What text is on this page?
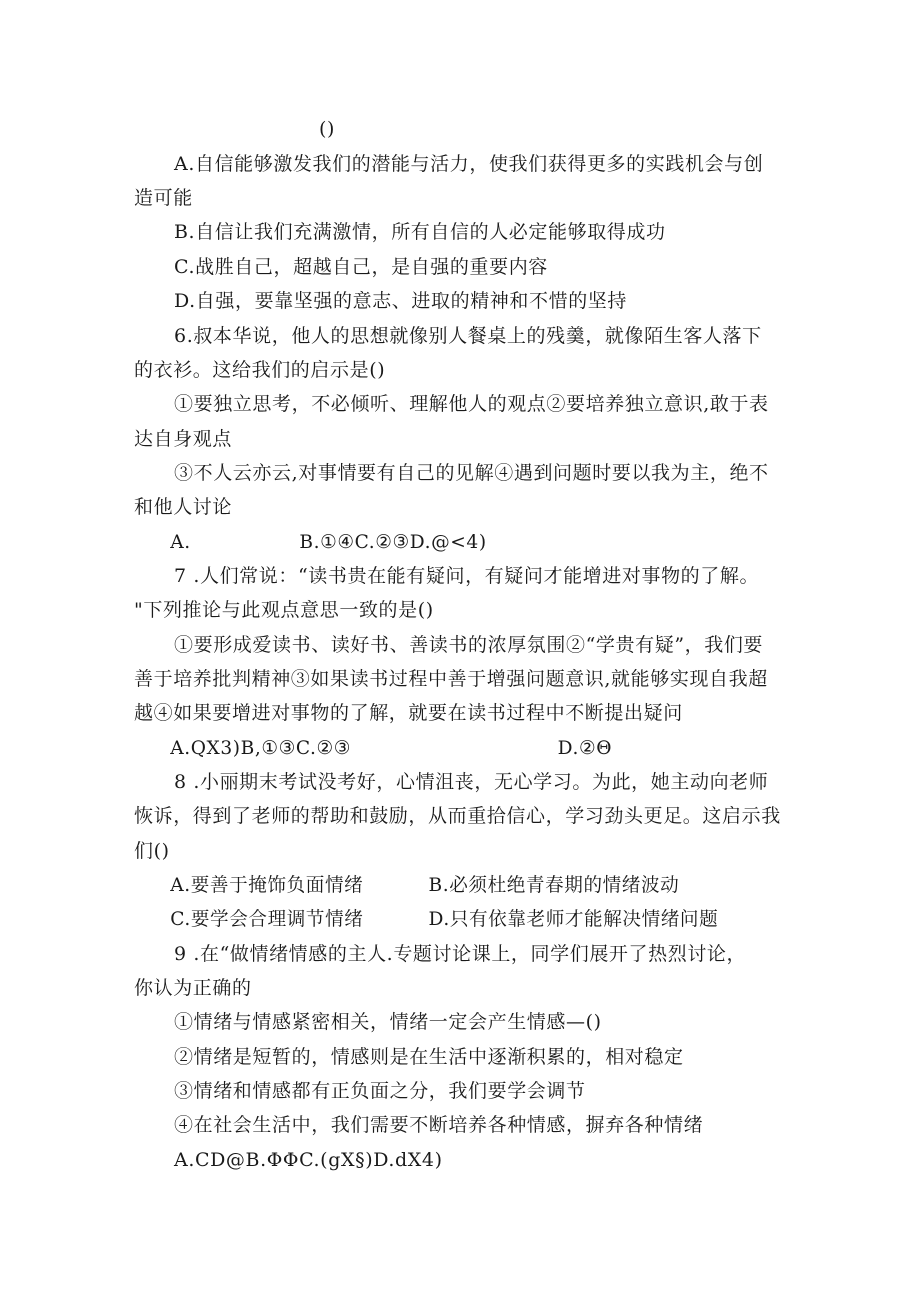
()
A.自信能够激发我们的潜能与活力，使我们获得更多的实践机会与创
造可能
B.自信让我们充满激情，所有自信的人必定能够取得成功
C.战胜自己，超越自己，是自强的重要内容
D.自强，要靠坚强的意志、进取的精神和不惜的坚持
6.叔本华说，他人的思想就像别人餐桌上的残羹，就像陌生客人落下
的衣衫。这给我们的启示是()
①要独立思考，不必倾听、理解他人的观点②要培养独立意识,敢于表
达自身观点
③不人云亦云,对事情要有自己的见解④遇到问题时要以我为主，绝不
和他人讨论
A.	B.①④C.②③D.@<4)
7 .人们常说：“读书贵在能有疑问，有疑问才能增进对事物的了解。
"下列推论与此观点意思一致的是()
①要形成爱读书、读好书、善读书的浓厚氛围②“学贵有疑”，我们要
善于培养批判精神③如果读书过程中善于增强问题意识,就能够实现自我超
越④如果要增进对事物的了解，就要在读书过程中不断提出疑问
A.QX3)B,①③C.②③	D.②Θ
8 .小丽期末考试没考好，心情沮丧，无心学习。为此，她主动向老师
恢诉，得到了老师的帮助和鼓励，从而重拾信心，学习劲头更足。这启示我
们()
A.要善于掩饰负面情绪	B.必须杜绝青春期的情绪波动
C.要学会合理调节情绪	D.只有依靠老师才能解决情绪问题
9 .在“做情绪情感的主人.专题讨论课上，同学们展开了热烈讨论，
你认为正确的
①情绪与情感紧密相关，情绪一定会产生情感—()
②情绪是短暂的，情感则是在生活中逐渐积累的，相对稳定
③情绪和情感都有正负面之分，我们要学会调节
④在社会生活中，我们需要不断培养各种情感，摒弃各种情绪
A.CD@B.ΦΦC.(gX§)D.dX4)
